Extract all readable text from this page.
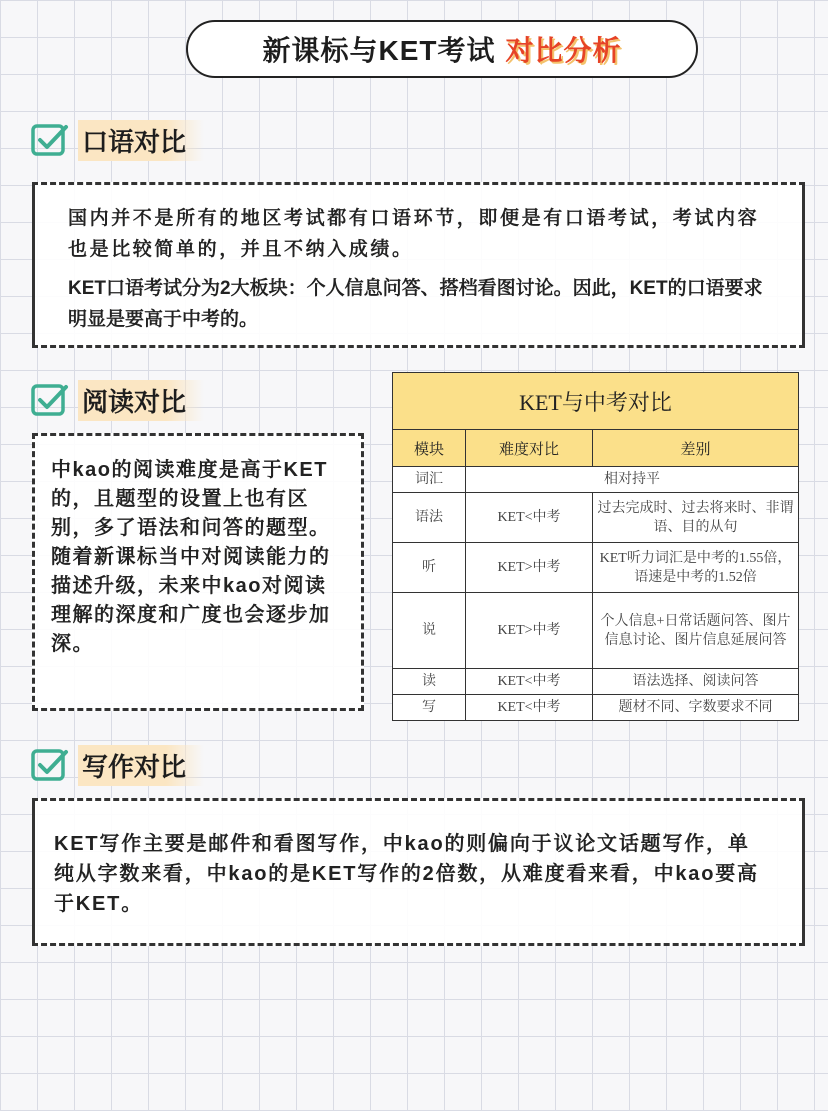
新课标与KET考试 对比分析
口语对比

国内并不是所有的地区考试都有口语环节，即便是有口语考试，考试内容也是比较简单的，并且不纳入成绩。

KET口语考试分为2大板块：个人信息问答、搭档看图讨论。因此，KET的口语要求明显是要高于中考的。

阅读对比

中kao的阅读难度是高于KET的，且题型的设置上也有区别，多了语法和问答的题型。

随着新课标当中对阅读能力的描述升级，未来中kao对阅读理解的深度和广度也会逐步加深。

KET与中考对比		
模块	难度对比	差别
词汇	相对持平	
语法	KET<中考	过去完成时、过去将来时、非谓语、目的从句
听	KET>中考	KET听力词汇是中考的1.55倍，语速是中考的1.52倍
说	KET>中考	个人信息+日常话题问答、图片信息讨论、图片信息延展问答
读	KET<中考	语法选择、阅读问答
写	KET<中考	题材不同、字数要求不同
写作对比

KET写作主要是邮件和看图写作，中kao的则偏向于议论文话题写作，单纯从字数来看，中kao的是KET写作的2倍数，从难度看来看，中kao要高于KET。
